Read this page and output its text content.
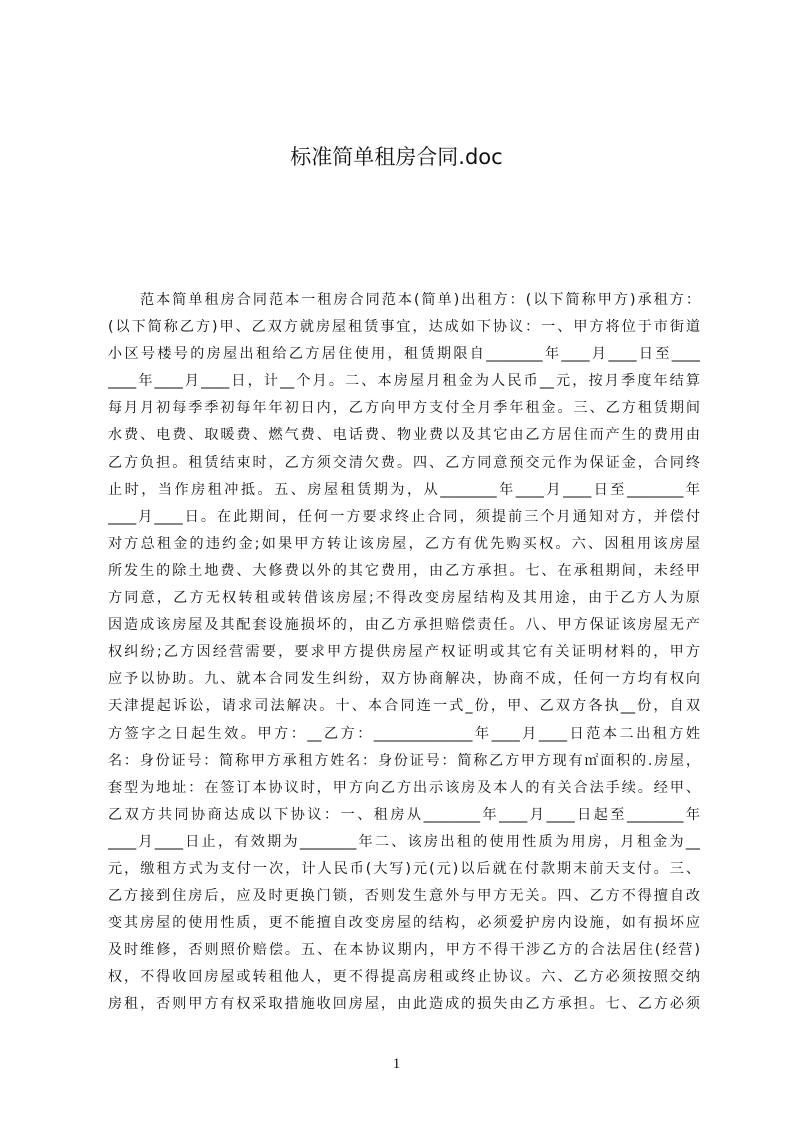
标准简单租房合同.doc
范本简单租房合同范本一租房合同范本(简单)出租方：(以下简称甲方)承租方：
(以下简称乙方)甲、乙双方就房屋租赁事宜，达成如下协议：一、甲方将位于市街道
小区号楼号的房屋出租给乙方居住使用，租赁期限自________年____月____日至____
____年____月____日，计__个月。二、本房屋月租金为人民币__元，按月季度年结算
每月月初每季季初每年年初日内，乙方向甲方支付全月季年租金。三、乙方租赁期间
水费、电费、取暖费、燃气费、电话费、物业费以及其它由乙方居住而产生的费用由
乙方负担。租赁结束时，乙方须交清欠费。四、乙方同意预交元作为保证金，合同终
止时，当作房租冲抵。五、房屋租赁期为，从________年____月____日至________年
____月____日。在此期间，任何一方要求终止合同，须提前三个月通知对方，并偿付
对方总租金的违约金;如果甲方转让该房屋，乙方有优先购买权。六、因租用该房屋
所发生的除土地费、大修费以外的其它费用，由乙方承担。七、在承租期间，未经甲
方同意，乙方无权转租或转借该房屋;不得改变房屋结构及其用途，由于乙方人为原
因造成该房屋及其配套设施损坏的，由乙方承担赔偿责任。八、甲方保证该房屋无产
权纠纷;乙方因经营需要，要求甲方提供房屋产权证明或其它有关证明材料的，甲方
应予以协助。九、就本合同发生纠纷，双方协商解决，协商不成，任何一方均有权向
天津提起诉讼，请求司法解决。十、本合同连一式_份，甲、乙双方各执__份，自双
方签字之日起生效。甲方：__乙方：______________年____月____日范本二出租方姓
名：身份证号：简称甲方承租方姓名：身份证号：简称乙方甲方现有㎡面积的.房屋，
套型为地址：在签订本协议时，甲方向乙方出示该房及本人的有关合法手续。经甲、
乙双方共同协商达成以下协议：一、租房从________年____月____日起至________年
____月____日止，有效期为________年二、该房出租的使用性质为用房，月租金为__
元，缴租方式为支付一次，计人民币(大写)元(元)以后就在付款期末前天支付。三、
乙方接到住房后，应及时更换门锁，否则发生意外与甲方无关。四、乙方不得擅自改
变其房屋的使用性质，更不能擅自改变房屋的结构，必须爱护房内设施，如有损坏应
及时维修，否则照价赔偿。五、在本协议期内，甲方不得干涉乙方的合法居住(经营)
权，不得收回房屋或转租他人，更不得提高房租或终止协议。六、乙方必须按照交纳
房租，否则甲方有权采取措施收回房屋，由此造成的损失由乙方承担。七、乙方必须
1
